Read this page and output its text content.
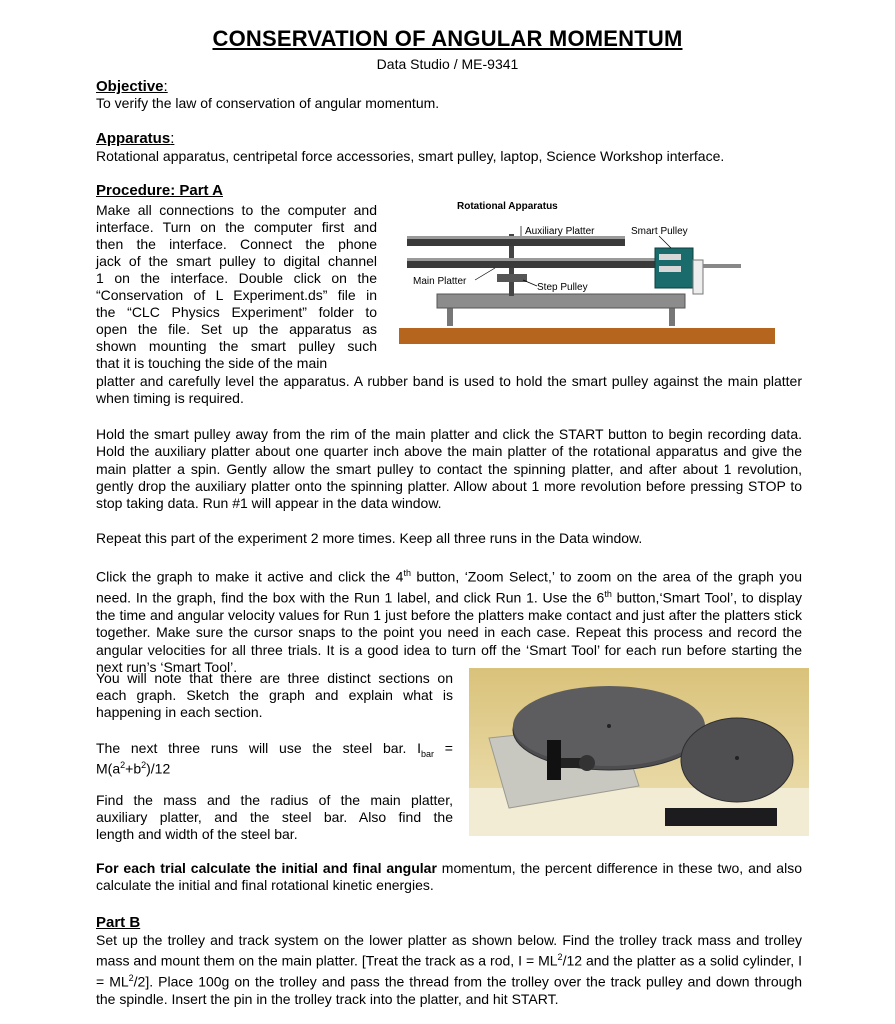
CONSERVATION OF ANGULAR MOMENTUM
Data Studio / ME-9341
Objective:
To verify the law of conservation of angular momentum.
Apparatus:
Rotational apparatus, centripetal force accessories, smart pulley, laptop, Science Workshop interface.
Procedure: Part A
Make all connections to the computer and
interface. Turn on the computer first and
then the interface. Connect the phone
jack of the smart pulley to digital channel
1 on the interface. Double click on the
“Conservation of L Experiment.ds” file in
the “CLC Physics Experiment” folder to
open the file. Set up the apparatus as
shown mounting the smart pulley such
that it is touching the side of the main
platter and carefully level the apparatus. A rubber band is used to hold the smart pulley against the main platter when timing is required.
Rotational Apparatus
Auxiliary Platter	Smart Pulley
Main Platter
Step Pulley
Hold the smart pulley away from the rim of the main platter and click the START button to begin recording data. Hold the auxiliary platter about one quarter inch above the main platter of the rotational apparatus and give the main platter a spin. Gently allow the smart pulley to contact the spinning platter, and after about 1 revolution, gently drop the auxiliary platter onto the spinning platter. Allow about 1 more revolution before pressing STOP to stop taking data. Run #1 will appear in the data window.
Repeat this part of the experiment 2 more times. Keep all three runs in the Data window.
Click the graph to make it active and click the 4th button, ‘Zoom Select,’ to zoom on the area of the graph you need. In the graph, find the box with the Run 1 label, and click Run 1. Use the 6th button,‘Smart Tool’, to display the time and angular velocity values for Run 1 just before the platters make contact and just after the platters stick together. Make sure the cursor snaps to the point you need in each case. Repeat this process and record the angular velocities for all three trials. It is a good idea to turn off the ‘Smart Tool’ for each run before starting the next run’s ‘Smart Tool’.
You will note that there are three distinct sections on
each graph. Sketch the graph and explain what is
happening in each section.
The next three runs will use the steel bar. $I_{bar}$ =
$M(a^2+b^2)/12$
Find the mass and the radius of the main platter,
auxiliary platter, and the steel bar. Also find the
length and width of the steel bar.
For each trial calculate the initial and final angular momentum, the percent difference in these two, and also calculate the initial and final rotational kinetic energies.
Part B
Set up the trolley and track system on the lower platter as shown below. Find the trolley track mass and trolley mass and mount them on the main platter. [Treat the track as a rod, $I = ML^2/12$ and the platter as a solid cylinder, $I = ML^2/2$]. Place 100g on the trolley and pass the thread from the trolley over the track pulley and down through the spindle. Insert the pin in the trolley track into the platter, and hit START.
